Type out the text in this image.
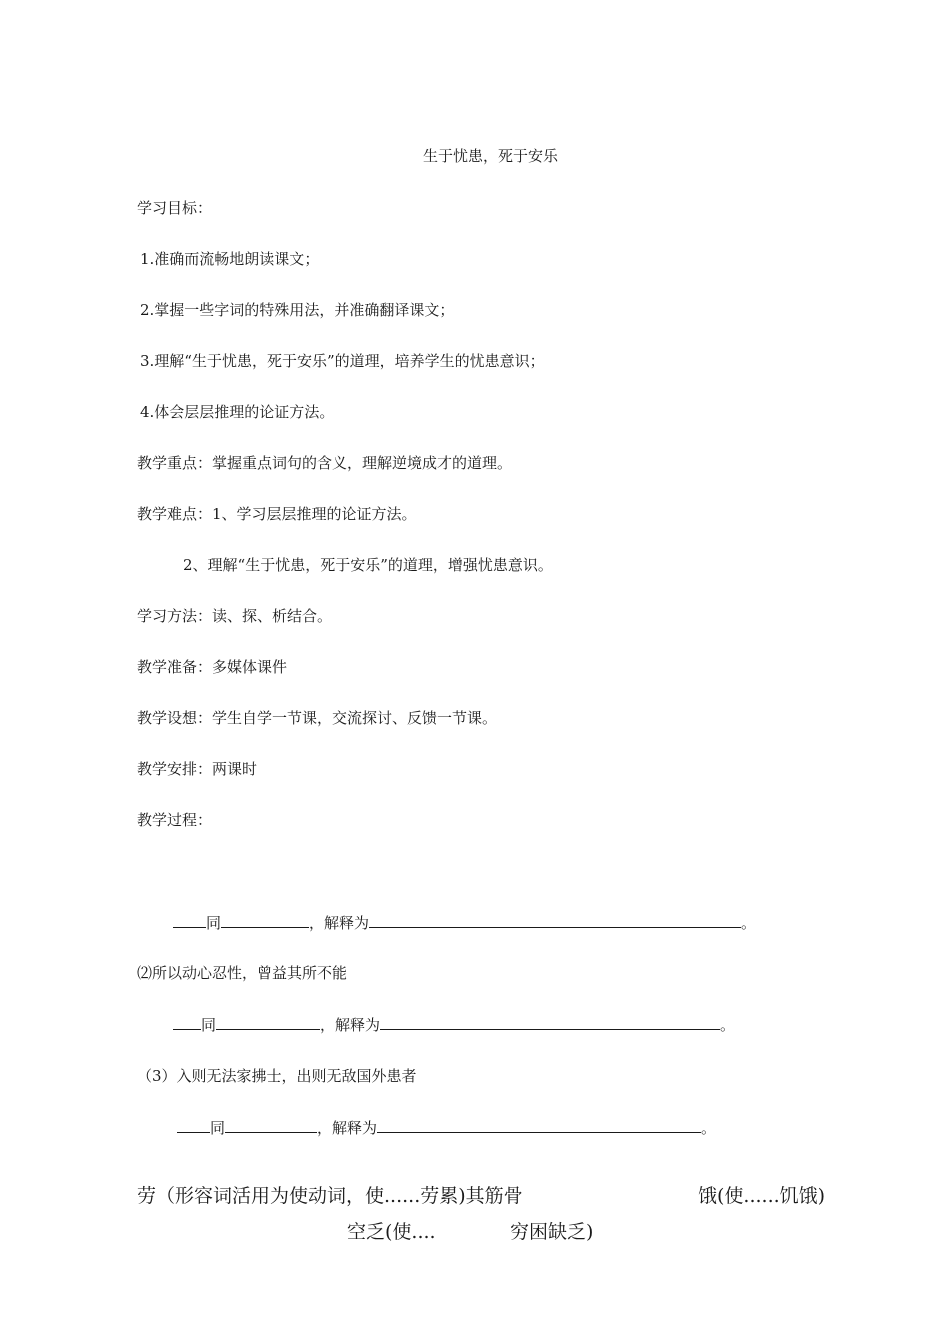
生于忧患，死于安乐
学习目标：
1.准确而流畅地朗读课文；
2.掌握一些字词的特殊用法，并准确翻译课文；
3.理解“生于忧患，死于安乐”的道理，培养学生的忧患意识；
4.体会层层推理的论证方法。
教学重点：掌握重点词句的含义，理解逆境成才的道理。
教学难点：1、学习层层推理的论证方法。
2、理解“生于忧患，死于安乐”的道理，增强忧患意识。
学习方法：读、探、析结合。
教学准备：多媒体课件
教学设想：学生自学一节课，交流探讨、反馈一节课。
教学安排：两课时
教学过程：
同	，解释为	。
⑵所以动心忍性，曾益其所不能
同	，解释为	。
（3）入则无法家拂士，出则无敌国外患者
同	，解释为	。
劳（形容词活用为使动词，使......劳累)其筋骨	饿(使......饥饿)
空乏(使....	穷困缺乏)
